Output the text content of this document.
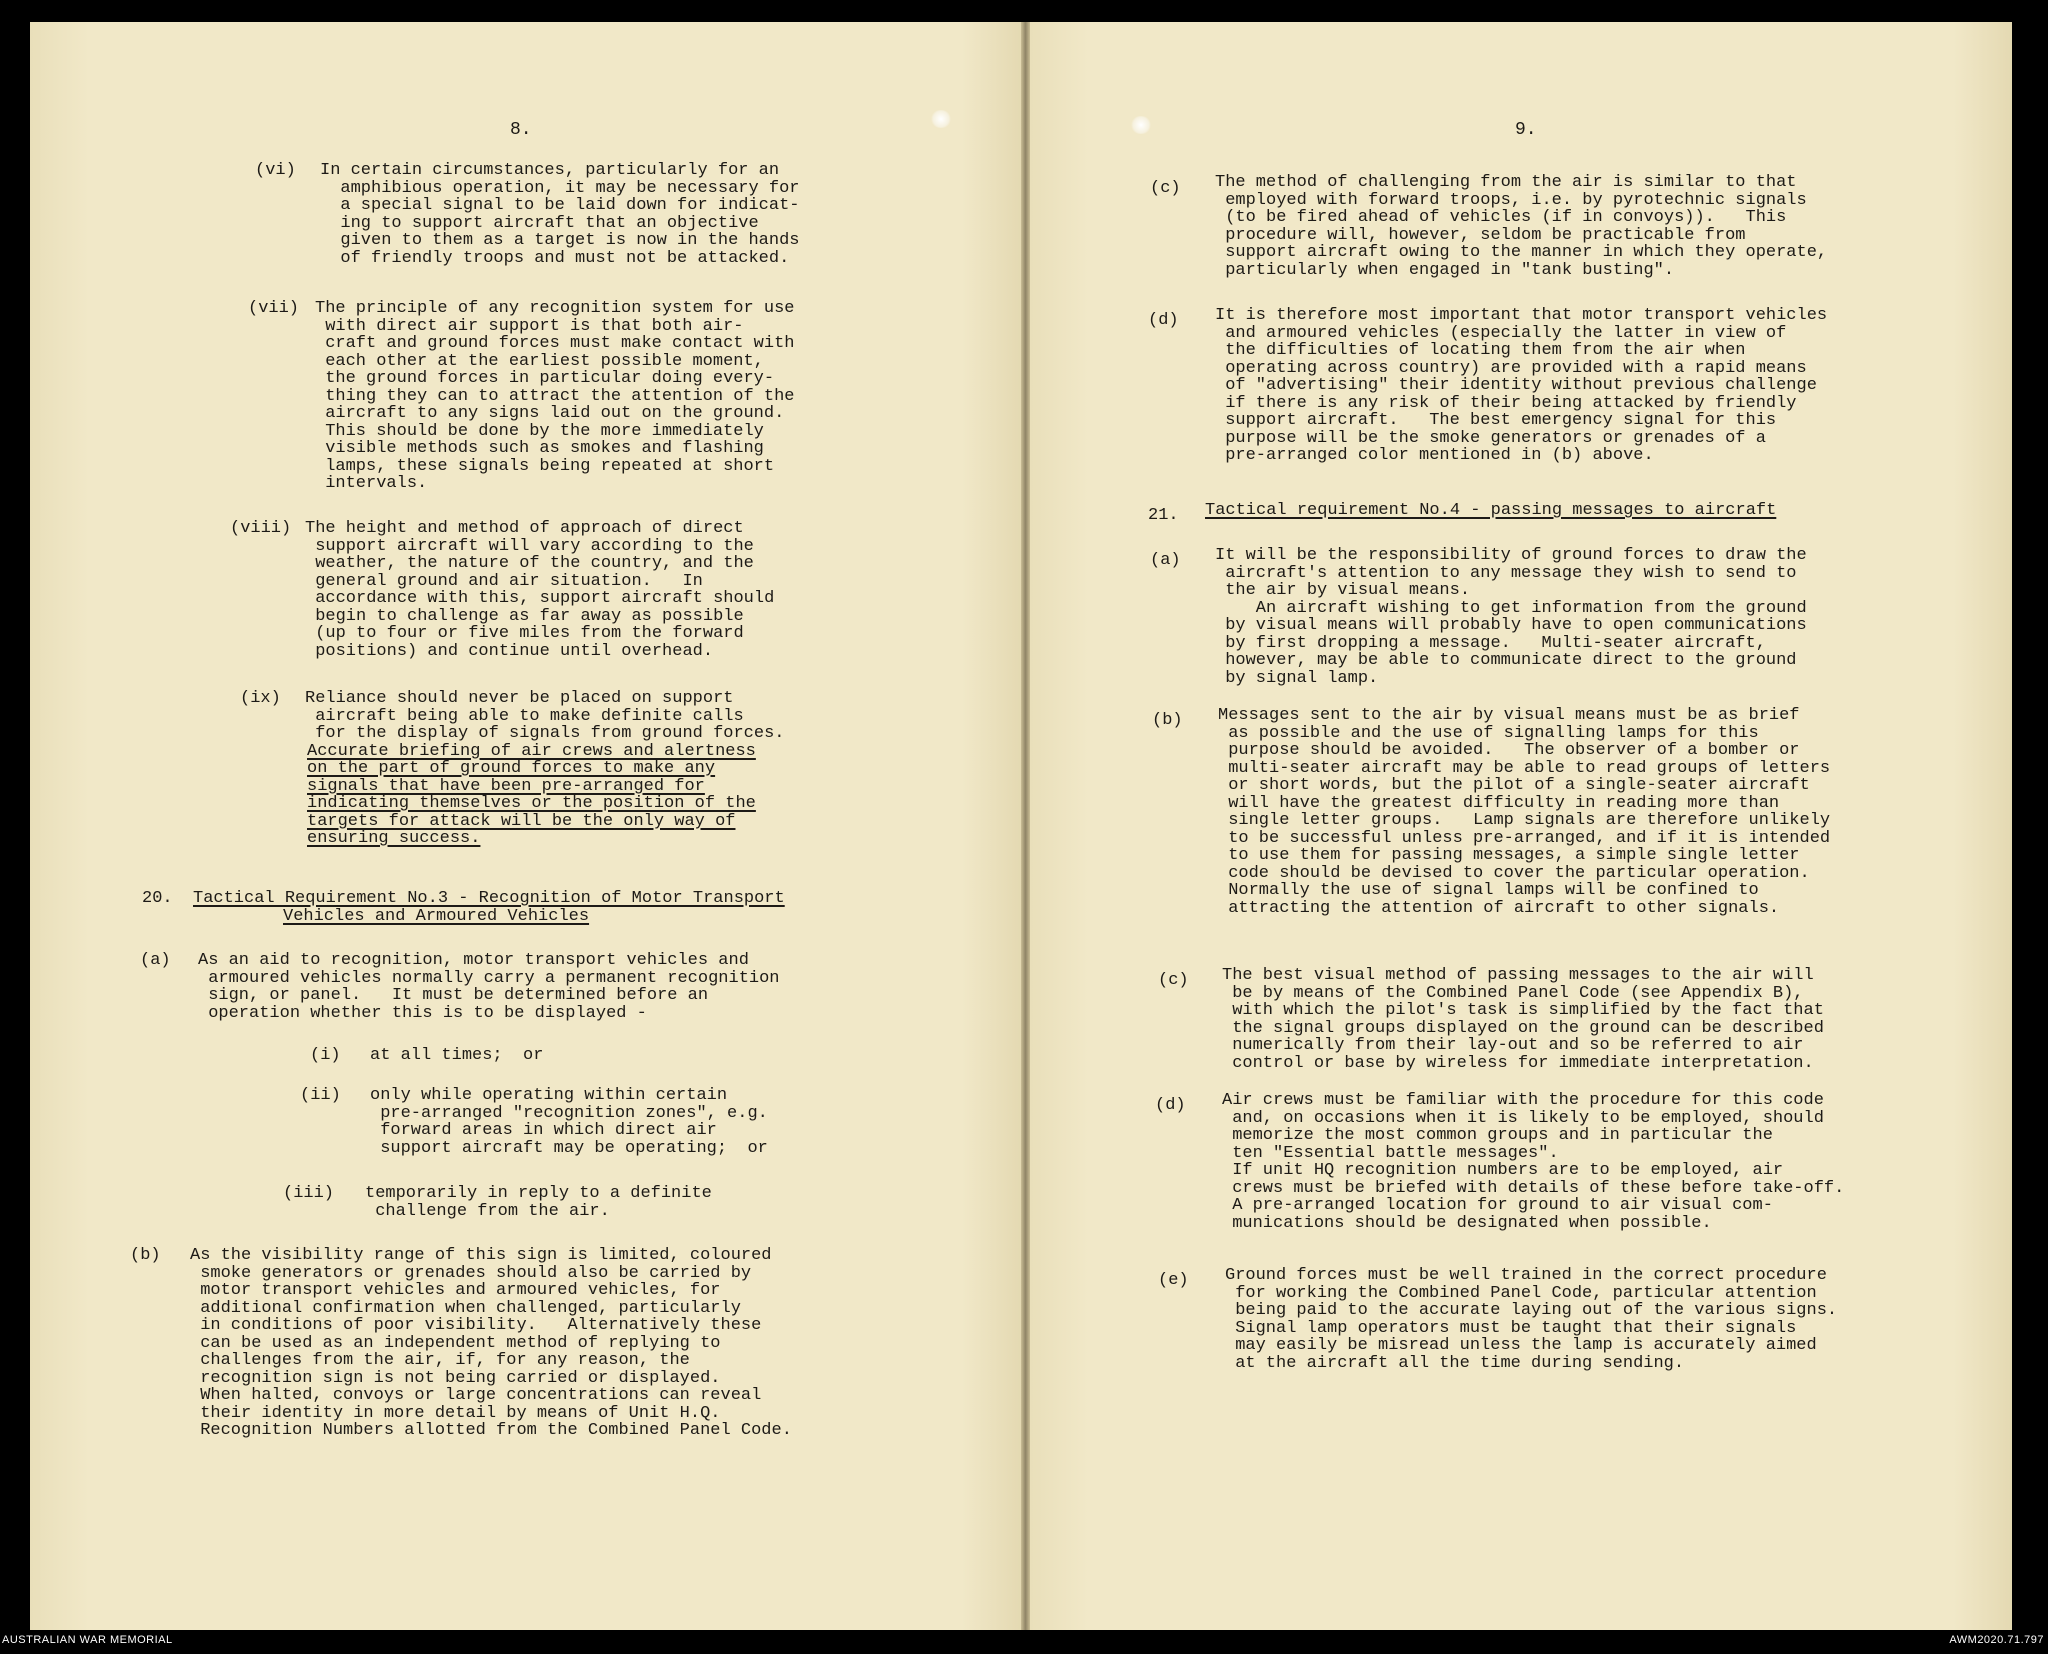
8.
(vi) In certain circumstances, particularly for an
amphibious operation, it may be necessary for
a special signal to be laid down for indicat-
ing to support aircraft that an objective
given to them as a target is now in the hands
of friendly troops and must not be attacked.
(vii) The principle of any recognition system for use
with direct air support is that both air-
craft and ground forces must make contact with
each other at the earliest possible moment,
the ground forces in particular doing every-
thing they can to attract the attention of the
aircraft to any signs laid out on the ground.
This should be done by the more immediately
visible methods such as smokes and flashing
lamps, these signals being repeated at short
intervals.
(viii) The height and method of approach of direct
support aircraft will vary according to the
weather, the nature of the country, and the
general ground and air situation.   In
accordance with this, support aircraft should
begin to challenge as far away as possible
(up to four or five miles from the forward
positions) and continue until overhead.
(ix) Reliance should never be placed on support
aircraft being able to make definite calls
for the display of signals from ground forces.
Accurate briefing of air crews and alertness
on the part of ground forces to make any
signals that have been pre-arranged for
indicating themselves or the position of the
targets for attack will be the only way of
ensuring success.
20. Tactical Requirement No.3 - Recognition of Motor Transport
Vehicles and Armoured Vehicles
(a) As an aid to recognition, motor transport vehicles and
armoured vehicles normally carry a permanent recognition
sign, or panel.   It must be determined before an
operation whether this is to be displayed -
(i) at all times;  or
(ii) only while operating within certain
pre-arranged "recognition zones", e.g.
forward areas in which direct air
support aircraft may be operating;  or
(iii) temporarily in reply to a definite
challenge from the air.
(b) As the visibility range of this sign is limited, coloured
smoke generators or grenades should also be carried by
motor transport vehicles and armoured vehicles, for
additional confirmation when challenged, particularly
in conditions of poor visibility.   Alternatively these
can be used as an independent method of replying to
challenges from the air, if, for any reason, the
recognition sign is not being carried or displayed.
When halted, convoys or large concentrations can reveal
their identity in more detail by means of Unit H.Q.
Recognition Numbers allotted from the Combined Panel Code.
9.
(c) The method of challenging from the air is similar to that
employed with forward troops, i.e. by pyrotechnic signals
(to be fired ahead of vehicles (if in convoys)).   This
procedure will, however, seldom be practicable from
support aircraft owing to the manner in which they operate,
particularly when engaged in "tank busting".
(d) It is therefore most important that motor transport vehicles
and armoured vehicles (especially the latter in view of
the difficulties of locating them from the air when
operating across country) are provided with a rapid means
of "advertising" their identity without previous challenge
if there is any risk of their being attacked by friendly
support aircraft.   The best emergency signal for this
purpose will be the smoke generators or grenades of a
pre-arranged color mentioned in (b) above.
21. Tactical requirement No.4 - passing messages to aircraft
(a) It will be the responsibility of ground forces to draw the
aircraft's attention to any message they wish to send to
the air by visual means.
An aircraft wishing to get information from the ground
by visual means will probably have to open communications
by first dropping a message.   Multi-seater aircraft,
however, may be able to communicate direct to the ground
by signal lamp.
(b) Messages sent to the air by visual means must be as brief
as possible and the use of signalling lamps for this
purpose should be avoided.   The observer of a bomber or
multi-seater aircraft may be able to read groups of letters
or short words, but the pilot of a single-seater aircraft
will have the greatest difficulty in reading more than
single letter groups.   Lamp signals are therefore unlikely
to be successful unless pre-arranged, and if it is intended
to use them for passing messages, a simple single letter
code should be devised to cover the particular operation.
Normally the use of signal lamps will be confined to
attracting the attention of aircraft to other signals.
(c) The best visual method of passing messages to the air will
be by means of the Combined Panel Code (see Appendix B),
with which the pilot's task is simplified by the fact that
the signal groups displayed on the ground can be described
numerically from their lay-out and so be referred to air
control or base by wireless for immediate interpretation.
(d) Air crews must be familiar with the procedure for this code
and, on occasions when it is likely to be employed, should
memorize the most common groups and in particular the
ten "Essential battle messages".
If unit HQ recognition numbers are to be employed, air
crews must be briefed with details of these before take-off.
A pre-arranged location for ground to air visual com-
munications should be designated when possible.
(e) Ground forces must be well trained in the correct procedure
for working the Combined Panel Code, particular attention
being paid to the accurate laying out of the various signs.
Signal lamp operators must be taught that their signals
may easily be misread unless the lamp is accurately aimed
at the aircraft all the time during sending.
AUSTRALIAN WAR MEMORIAL	AWM2020.71.797
